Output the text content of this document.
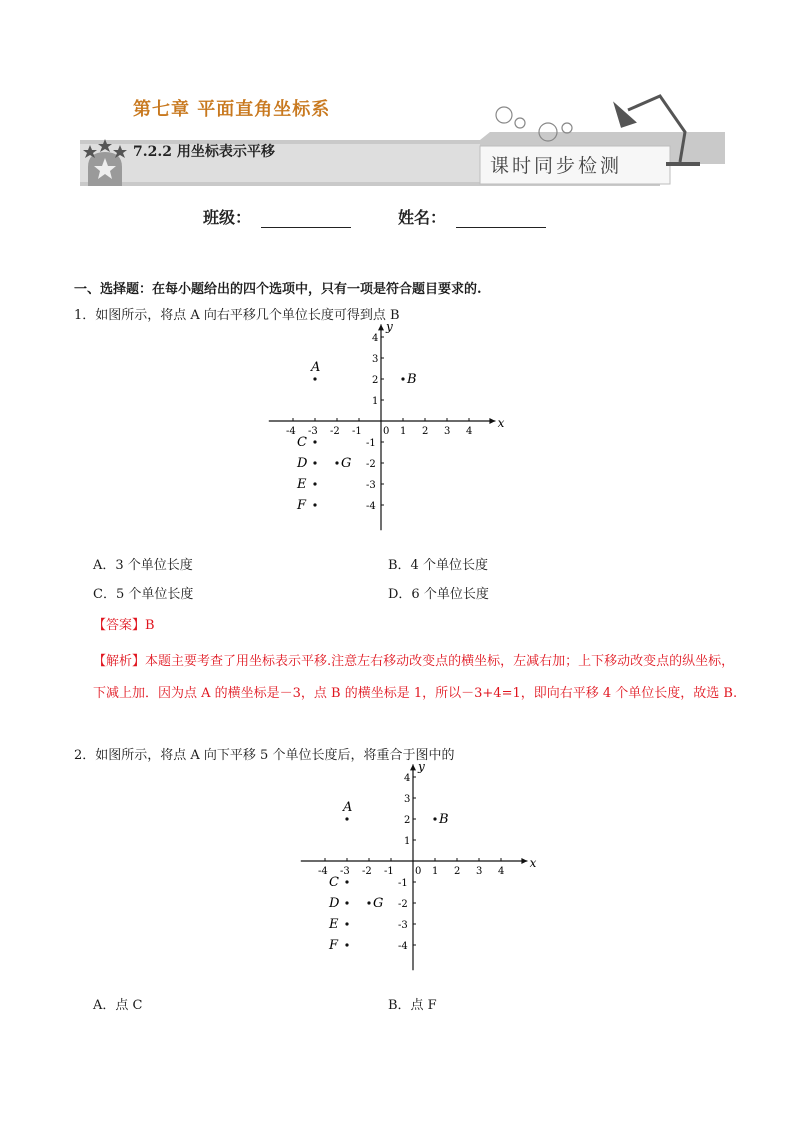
第七章 平面直角坐标系
7.2.2 用坐标表示平移
课时同步检测
班级：	姓名：
一、选择题：在每小题给出的四个选项中，只有一项是符合题目要求的.
1．如图所示，将点 A 向右平移几个单位长度可得到点 B
x
y
-4 -3 -2 -1 0 1 2 3 4
4
3
2
1
-1
-2
-3
-4
A
B
C
D	G
E
F
A．3 个单位长度	B．4 个单位长度
C．5 个单位长度	D．6 个单位长度
【答案】B
【解析】本题主要考查了用坐标表示平移.注意左右移动改变点的横坐标，左减右加；上下移动改变点的纵坐标，下减上加．因为点 A 的横坐标是－3，点 B 的横坐标是 1，所以－3+4=1，即向右平移 4 个单位长度，故选 B.
2．如图所示，将点 A 向下平移 5 个单位长度后，将重合于图中的
x
y
-4 -3 -2 -1 0 1 2 3 4
4
3
2
1
-1
-2
-3
-4
A
B
C
D	G
E
F
A．点 C	B．点 F
